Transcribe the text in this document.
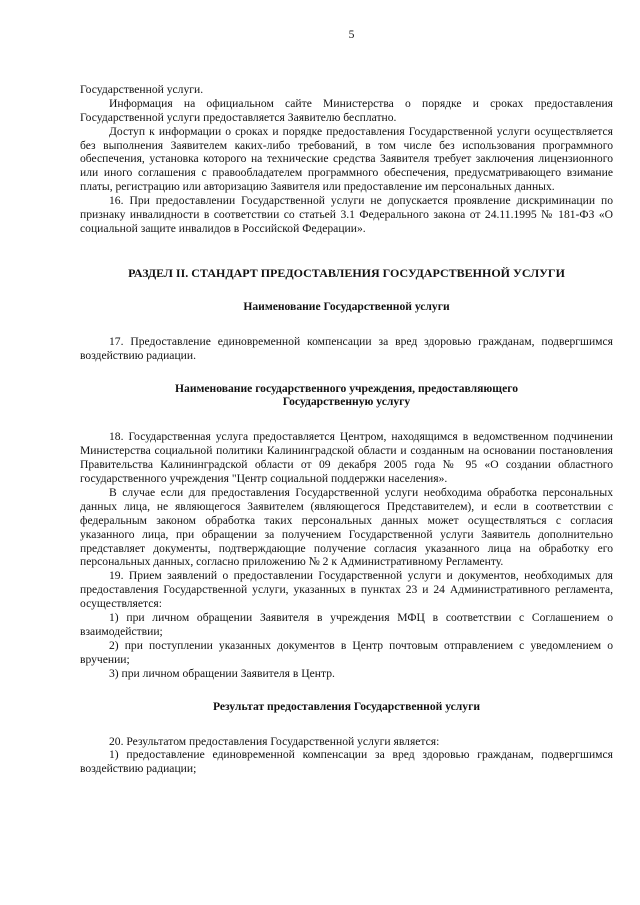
5

Государственной услуги.

Информация на официальном сайте Министерства о порядке и сроках предоставления Государственной услуги предоставляется Заявителю бесплатно.

Доступ к информации о сроках и порядке предоставления Государственной услуги осуществляется без выполнения Заявителем каких-либо требований, в том числе без использования программного обеспечения, установка которого на технические средства Заявителя требует заключения лицензионного или иного соглашения с правообладателем программного обеспечения, предусматривающего взимание платы, регистрацию или авторизацию Заявителя или предоставление им персональных данных.

16. При предоставлении Государственной услуги не допускается проявление дискриминации по признаку инвалидности в соответствии со статьей 3.1 Федерального закона от 24.11.1995 № 181-ФЗ «О социальной защите инвалидов в Российской Федерации».

РАЗДЕЛ II. СТАНДАРТ ПРЕДОСТАВЛЕНИЯ ГОСУДАРСТВЕННОЙ УСЛУГИ
Наименование Государственной услуги

17. Предоставление единовременной компенсации за вред здоровью гражданам, подвергшимся воздействию радиации.

Наименование государственного учреждения, предоставляющего Государственную услугу

18. Государственная услуга предоставляется Центром, находящимся в ведомственном подчинении Министерства социальной политики Калининградской области и созданным на основании постановления Правительства Калининградской области от 09 декабря 2005 года № 95 «О создании областного государственного учреждения "Центр социальной поддержки населения».

В случае если для предоставления Государственной услуги необходима обработка персональных данных лица, не являющегося Заявителем (являющегося Представителем), и если в соответствии с федеральным законом обработка таких персональных данных может осуществляться с согласия указанного лица, при обращении за получением Государственной услуги Заявитель дополнительно представляет документы, подтверждающие получение согласия указанного лица на обработку его персональных данных, согласно приложению № 2 к Административному Регламенту.

19. Прием заявлений о предоставлении Государственной услуги и документов, необходимых для предоставления Государственной услуги, указанных в пунктах 23 и 24 Административного регламента, осуществляется:

1) при личном обращении Заявителя в учреждения МФЦ в соответствии с Соглашением о взаимодействии;

2) при поступлении указанных документов в Центр почтовым отправлением с уведомлением о вручении;

3) при личном обращении Заявителя в Центр.

Результат предоставления Государственной услуги

20. Результатом предоставления Государственной услуги является:

1) предоставление единовременной компенсации за вред здоровью гражданам, подвергшимся воздействию радиации;
